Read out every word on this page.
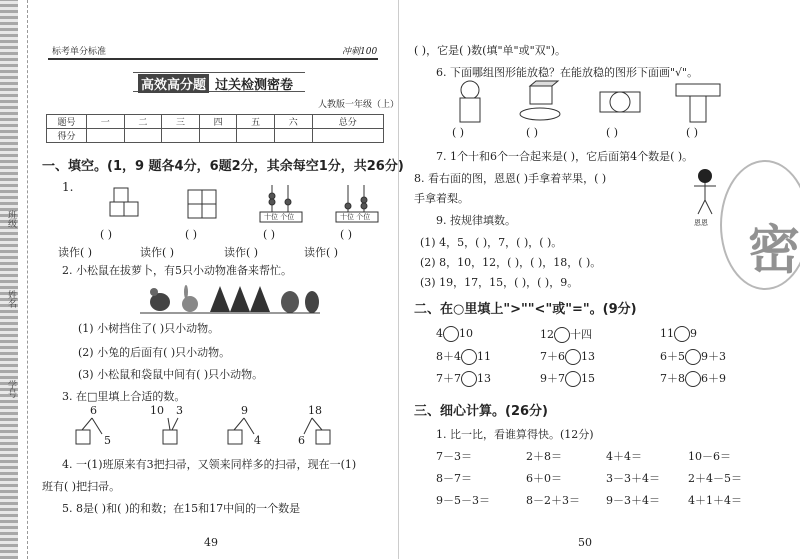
班级
姓名
学号
标考单分标准	冲刺100
高效高分题 过关检测密卷
人教版一年级（上）
题号	一	二	三	四	五	六	总分
得分							
一、填空。(1，9 题各4分，6题2分，其余每空1分，共26分)
1.
十位 个位	十位 个位
( )	( )	( )	( )
读作( )	读作( )	读作( )	读作( )
2. 小松鼠在拔萝卜，有5只小动物准备来帮忙。
(1) 小树挡住了( )只小动物。
(2) 小兔的后面有( )只小动物。
(3) 小松鼠和袋鼠中间有( )只小动物。
3. 在□里填上合适的数。
6
5
10 3	9
4
18
6
4. 一(1)班原来有3把扫帚，又领来同样多的扫帚，现在一(1)
班有( )把扫帚。
5. 8是( )和( )的和数；在15和17中间的一个数是
49
( )，它是( )数(填"单"或"双")。
6. 下面哪组图形能放稳？在能放稳的图形下面画"√"。
( )	( )	( )	( )
7. 1个十和6个一合起来是( )，它后面第4个数是( )。
8. 看右面的图，恩恩( )手拿着苹果，( )
手拿着梨。
恩恩
9. 按规律填数。
(1) 4，5，( )，7，( )，( )。
(2) 8，10，12，( )，( )，18，( )。
(3) 19，17，15，( )，( )，9。
密
二、在○里填上">""<"或"="。(9分)
4 10	12 十四	11 9
8＋4 11	7＋6 13	6＋5 9＋3
7＋7 13	9＋7 15	7＋8 6＋9
三、细心计算。(26分)
1. 比一比，看谁算得快。(12分)
7－3＝	2＋8＝	4＋4＝	10－6＝
8－7＝	6＋0＝	3－3＋4＝	2＋4－5＝
9－5－3＝	8－2＋3＝ 9－3＋4＝	4＋1＋4＝
50
